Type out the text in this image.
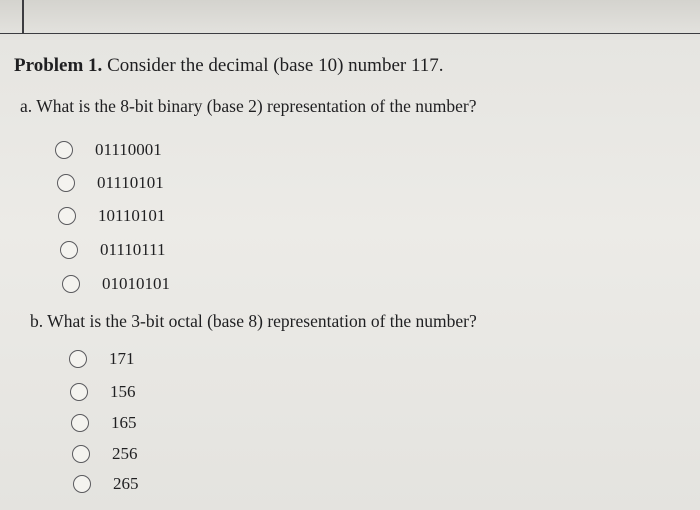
Problem 1. Consider the decimal (base 10) number 117.
a. What is the 8-bit binary (base 2) representation of the number?
01110001
01110101
10110101
01110111
01010101
b. What is the 3-bit octal (base 8) representation of the number?
171
156
165
256
265
